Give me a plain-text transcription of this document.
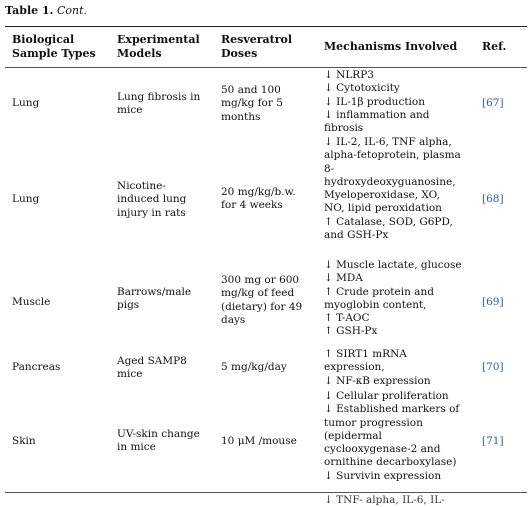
Table 1. Cont.
Biological
Sample Types
Experimental
Models
Resveratrol
Doses
Mechanisms Involved Ref.
Lung	Lung fibrosis in
mice
50 and 100
mg/kg for 5
months
↓ NLRP3
↓ Cytotoxicity
↓ IL-1β production
↓ inflammation and
fibrosis
[67]
Lung
Nicotine-
induced lung
injury in rats
20 mg/kg/b.w.
for 4 weeks
↓ IL-2, IL-6, TNF alpha,
alpha-fetoprotein, plasma
8-
hydroxydeoxyguanosine,
Myeloperoxidase, XO,
NO, lipid peroxidation
↑ Catalase, SOD, G6PD,
and GSH-Px
[68]
Muscle
Barrows/male
pigs
300 mg or 600
mg/kg of feed
(dietary) for 49
days
↓ Muscle lactate, glucose
↓ MDA
↑ Crude protein and
myoglobin content,
↑ T-AOC
↑ GSH-Px
[69]
Pancreas	Aged SAMP8
mice
5 mg/kg/day
↑ SIRT1 mRNA
expression,
↓ NF-κB expression
[70]
Skin
UV-skin change
in mice
10 μM /mouse
↓ Cellular proliferation
↓ Established markers of
tumor progression
(epidermal
cyclooxygenase-2 and
ornithine decarboxylase)
↓ Survivin expression
[71]
↓ TNF- alpha, IL-6, IL-
